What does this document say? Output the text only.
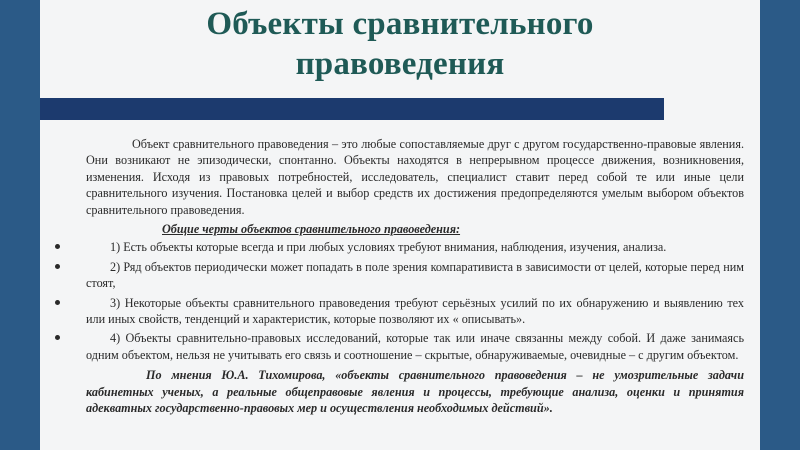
Объекты сравнительного
правоведения

Объект сравнительного правоведения – это любые сопоставляемые друг с другом государственно-правовые явления. Они возникают не эпизодически, спонтанно. Объекты находятся в непрерывном процессе движения, возникновения, изменения. Исходя из правовых потребностей, исследователь, специалист ставит перед собой те или иные цели сравнительного изучения. Постановка целей и выбор средств их достижения предопределяются умелым выбором объектов сравнительного правоведения.

Общие черты объектов сравнительного правоведения:
1) Есть объекты которые всегда и при любых условиях требуют внимания, наблюдения, изучения, анализа.
2) Ряд объектов периодически может попадать в поле зрения компаративиста в зависимости от целей, которые перед ним стоят,
3) Некоторые объекты сравнительного правоведения требуют серьёзных усилий по их обнаружению и выявлению тех или иных свойств, тенденций и характеристик, которые позволяют их « описывать».
4) Объекты сравнительно-правовых исследований, которые так или иначе связанны между собой. И даже занимаясь одним объектом, нельзя не учитывать его связь и соотношение – скрытые, обнаруживаемые, очевидные – с другим объектом.

По мнения Ю.А. Тихомирова, «объекты сравнительного правоведения – не умозрительные задачи кабинетных ученых, а реальные общеправовые явления и процессы, требующие анализа, оценки и принятия адекватных государственно-правовых мер и осуществления необходимых действий».
